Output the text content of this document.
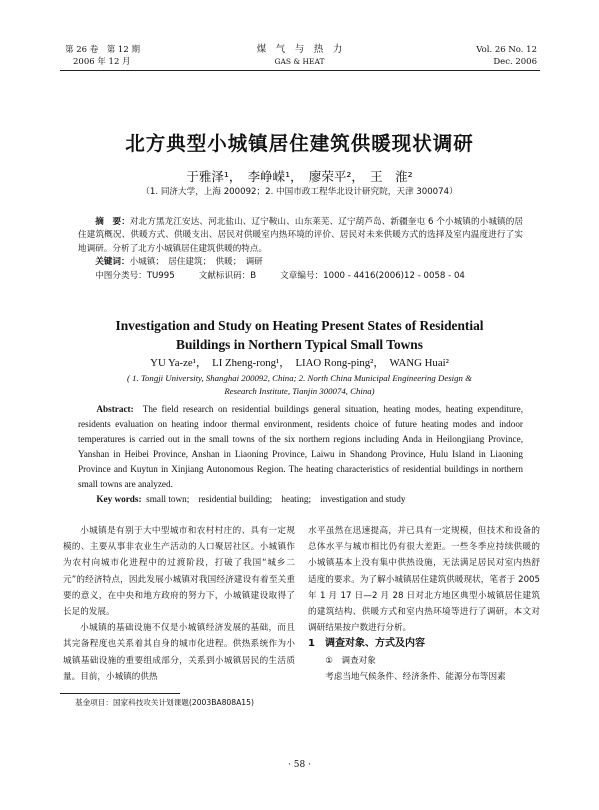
第 26 卷　第 12 期
2006 年 12 月
煤　气　与　热　力
GAS & HEAT
Vol. 26 No. 12
Dec. 2006
北方典型小城镇居住建筑供暖现状调研
于雅泽¹，　李峥嵘¹，　廖荣平²，　王　淮²
（1. 同济大学，上海 200092；2. 中国市政工程华北设计研究院，天津 300074）
摘　要：对北方黑龙江安达、河北盐山、辽宁鞍山、山东莱芜、辽宁葫芦岛、新疆奎屯 6 个小城镇的小城镇的居住建筑概况、供暖方式、供暖支出、居民对供暖室内热环境的评价、居民对未来供暖方式的选择及室内温度进行了实地调研。分析了北方小城镇居住建筑供暖的特点。
关键词：小城镇；　居住建筑；　供暖；　调研
中图分类号：TU995	文献标识码：B	文章编号：1000 - 4416(2006)12 - 0058 - 04
Investigation and Study on Heating Present States of Residential
Buildings in Northern Typical Small Towns
YU Ya-ze¹，　LI Zheng-rong¹，　LIAO Rong-ping²，　WANG Huai²
( 1. Tongji University, Shanghai 200092, China; 2. North China Municipal Engineering Design &
Research Institute, Tianjin 300074, China)
Abstract: The field research on residential buildings general situation, heating modes, heating expenditure, residents evaluation on heating indoor thermal environment, residents choice of future heating modes and indoor temperatures is carried out in the small towns of the six northern regions including Anda in Heilongjiang Province, Yanshan in Heibei Province, Anshan in Liaoning Province, Laiwu in Shandong Province, Hulu Island in Liaoning Province and Kuytun in Xinjiang Autonomous Region. The heating characteristics of residential buildings in northern small towns are analyzed.
Key words: small town;　residential building;　heating;　investigation and study

小城镇是有别于大中型城市和农村村庄的、具有一定规模的、主要从事非农业生产活动的人口聚居社区。小城镇作为农村向城市化进程中的过渡阶段，打破了我国“城乡二元”的经济特点，因此发展小城镇对我国经济建设有着至关重要的意义，在中央和地方政府的努力下，小城镇建设取得了长足的发展。

小城镇的基础设施不仅是小城镇经济发展的基础，而且其完备程度也关系着其自身的城市化进程。供热系统作为小城镇基础设施的重要组成部分，关系到小城镇居民的生活质量。目前，小城镇的供热

水平虽然在迅速提高，并已具有一定规模，但技术和设备的总体水平与城市相比仍有很大差距。一些冬季应持续供暖的小城镇基本上没有集中供热设施，无法满足居民对室内热舒适度的要求。为了解小城镇居住建筑供暖现状，笔者于 2005 年 1 月 17 日—2 月 28 日对北方地区典型小城镇居住建筑的建筑结构、供暖方式和室内热环境等进行了调研，本文对调研结果按户数进行分析。

1　调查对象、方式及内容

①　调查对象

考虑当地气候条件、经济条件、能源分布等因素

基金项目：国家科技攻关计划课题(2003BA808A15)
· 58 ·
